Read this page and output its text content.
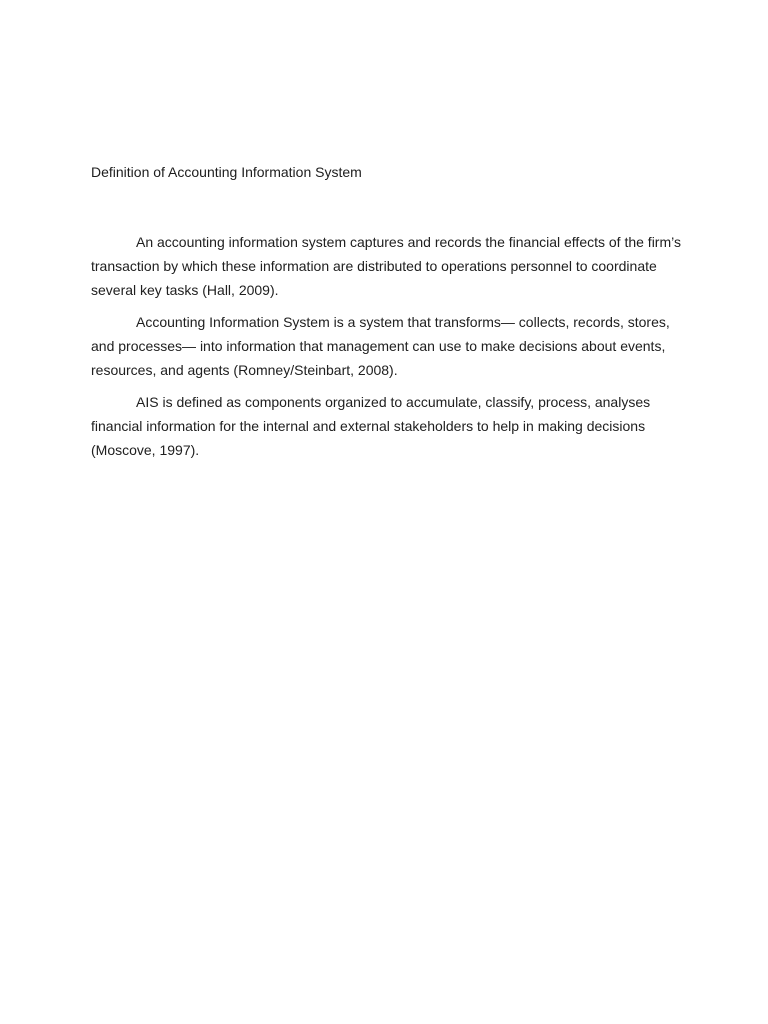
Definition of Accounting Information System

An accounting information system captures and records the financial effects of the firm’s transaction by which these information are distributed to operations personnel to coordinate several key tasks (Hall, 2009).

Accounting Information System is a system that transforms— collects, records, stores, and processes— into information that management can use to make decisions about events, resources, and agents (Romney/Steinbart, 2008).

AIS is defined as components organized to accumulate, classify, process, analyses financial information for the internal and external stakeholders to help in making decisions (Moscove, 1997).
